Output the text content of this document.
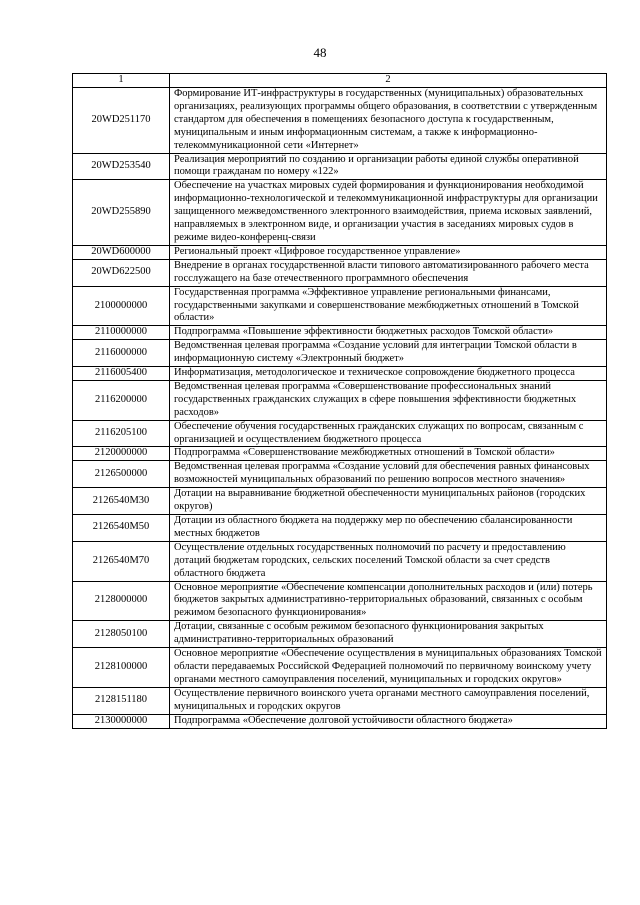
48
1	2
20WD251170	Формирование ИТ-инфраструктуры в государственных (муниципальных) образовательных организациях, реализующих программы общего образования, в соответствии с утвержденным стандартом для обеспечения в помещениях безопасного доступа к государственным, муниципальным и иным информационным системам, а также к информационно-телекоммуникационной сети «Интернет»
20WD253540	Реализация мероприятий по созданию и организации работы единой службы оперативной помощи гражданам по номеру «122»
20WD255890	Обеспечение на участках мировых судей формирования и функционирования необходимой информационно-технологической и телекоммуникационной инфраструктуры для организации защищенного межведомственного электронного взаимодействия, приема исковых заявлений, направляемых в электронном виде, и организации участия в заседаниях мировых судов в режиме видео-конференц-связи
20WD600000	Региональный проект «Цифровое государственное управление»
20WD622500	Внедрение в органах государственной власти типового автоматизированного рабочего места госслужащего на базе отечественного программного обеспечения
2100000000	Государственная программа «Эффективное управление региональными финансами, государственными закупками и совершенствование межбюджетных отношений в Томской области»
2110000000	Подпрограмма «Повышение эффективности бюджетных расходов Томской области»
2116000000	Ведомственная целевая программа «Создание условий для интеграции Томской области в информационную систему «Электронный бюджет»
2116005400	Информатизация, методологическое и техническое сопровождение бюджетного процесса
2116200000	Ведомственная целевая программа «Совершенствование профессиональных знаний государственных гражданских служащих в сфере повышения эффективности бюджетных расходов»
2116205100	Обеспечение обучения государственных гражданских служащих по вопросам, связанным с организацией и осуществлением бюджетного процесса
2120000000	Подпрограмма «Совершенствование межбюджетных отношений в Томской области»
2126500000	Ведомственная целевая программа «Создание условий для обеспечения равных финансовых возможностей муниципальных образований по решению вопросов местного значения»
2126540М30	Дотации на выравнивание бюджетной обеспеченности муниципальных районов (городских округов)
2126540М50	Дотации из областного бюджета на поддержку мер по обеспечению сбалансированности местных бюджетов
2126540М70	Осуществление отдельных государственных полномочий по расчету и предоставлению дотаций бюджетам городских, сельских поселений Томской области за счет средств областного бюджета
2128000000	Основное мероприятие «Обеспечение компенсации дополнительных расходов и (или) потерь бюджетов закрытых административно-территориальных образований, связанных с особым режимом безопасного функционирования»
2128050100	Дотации, связанные с особым режимом безопасного функционирования закрытых административно-территориальных образований
2128100000	Основное мероприятие «Обеспечение осуществления в муниципальных образованиях Томской области передаваемых Российской Федерацией полномочий по первичному воинскому учету органами местного самоуправления поселений, муниципальных и городских округов»
2128151180	Осуществление первичного воинского учета органами местного самоуправления поселений, муниципальных и городских округов
2130000000	Подпрограмма «Обеспечение долговой устойчивости областного бюджета»
